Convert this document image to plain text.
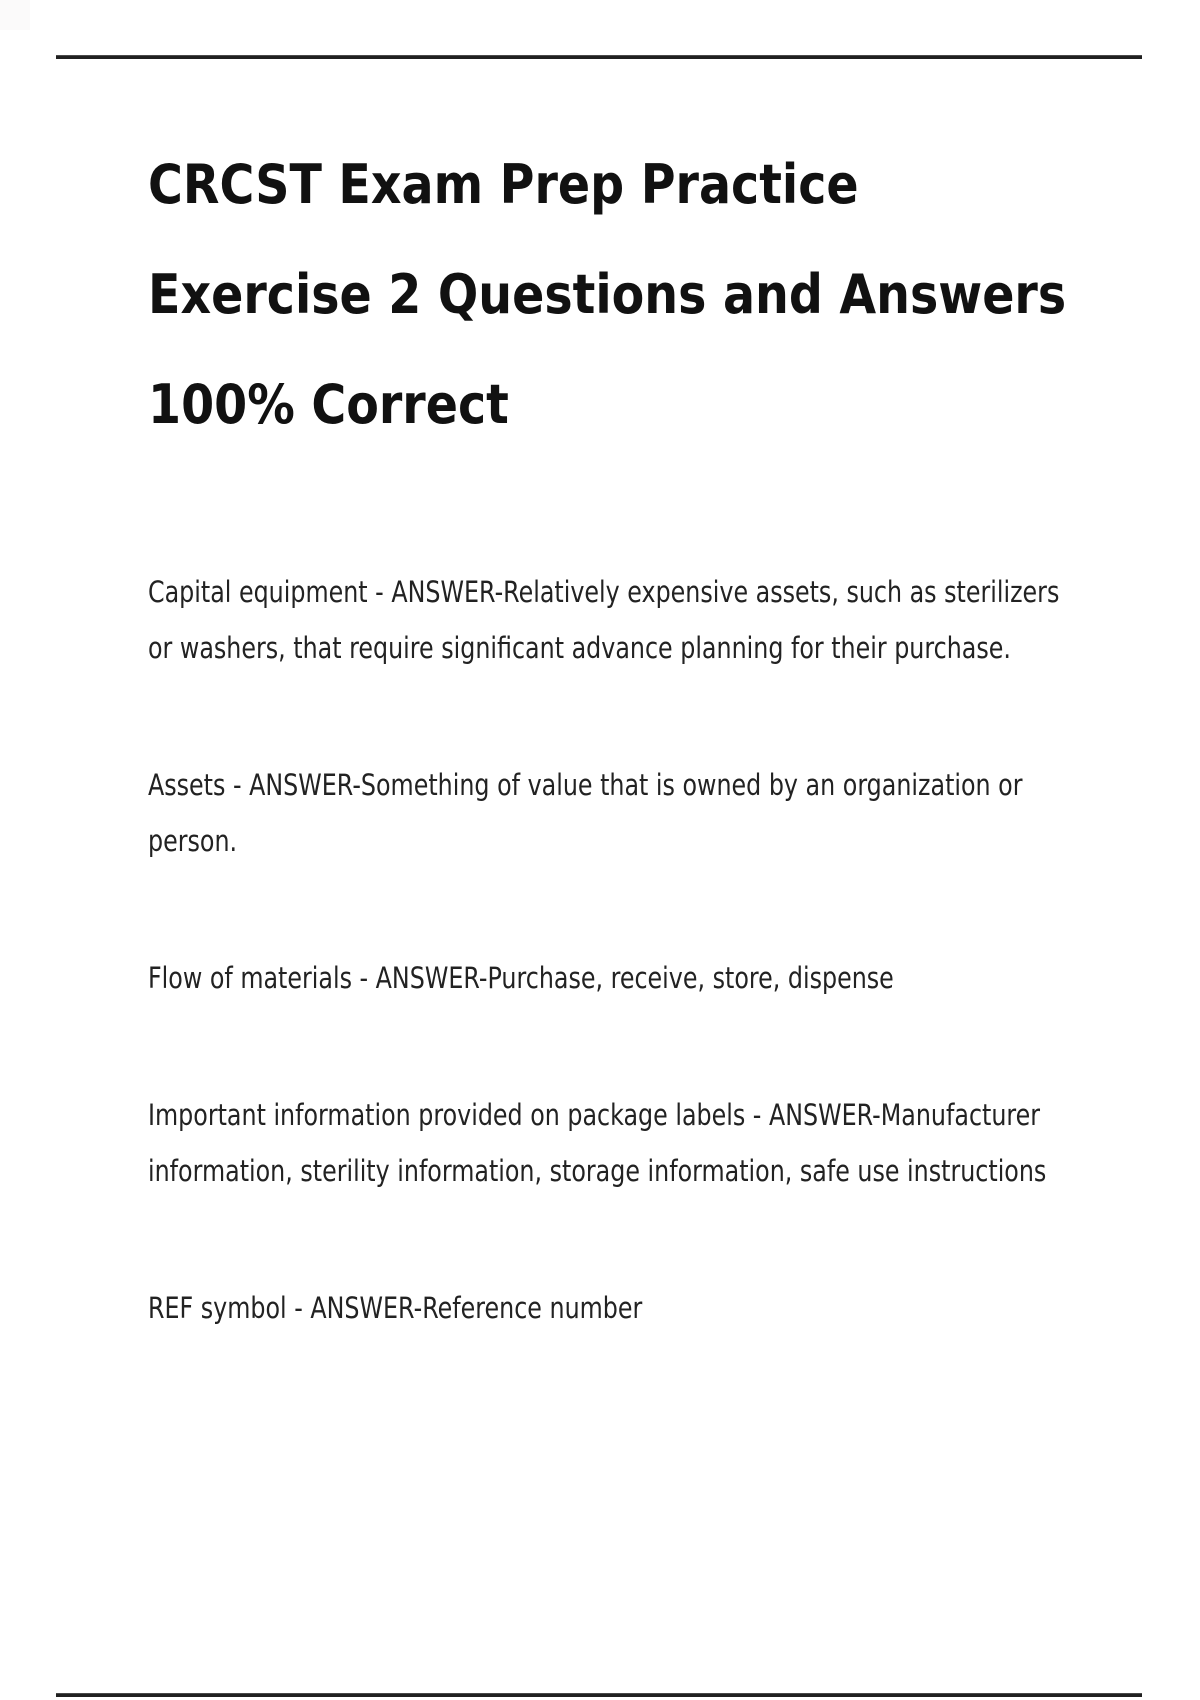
CRCST Exam Prep Practice
Exercise 2 Questions and Answers
100% Correct
Capital equipment - ANSWER-Relatively expensive assets, such as sterilizers
or washers, that require significant advance planning for their purchase.
Assets - ANSWER-Something of value that is owned by an organization or
person.
Flow of materials - ANSWER-Purchase, receive, store, dispense
Important information provided on package labels - ANSWER-Manufacturer
information, sterility information, storage information, safe use instructions
REF symbol - ANSWER-Reference number
